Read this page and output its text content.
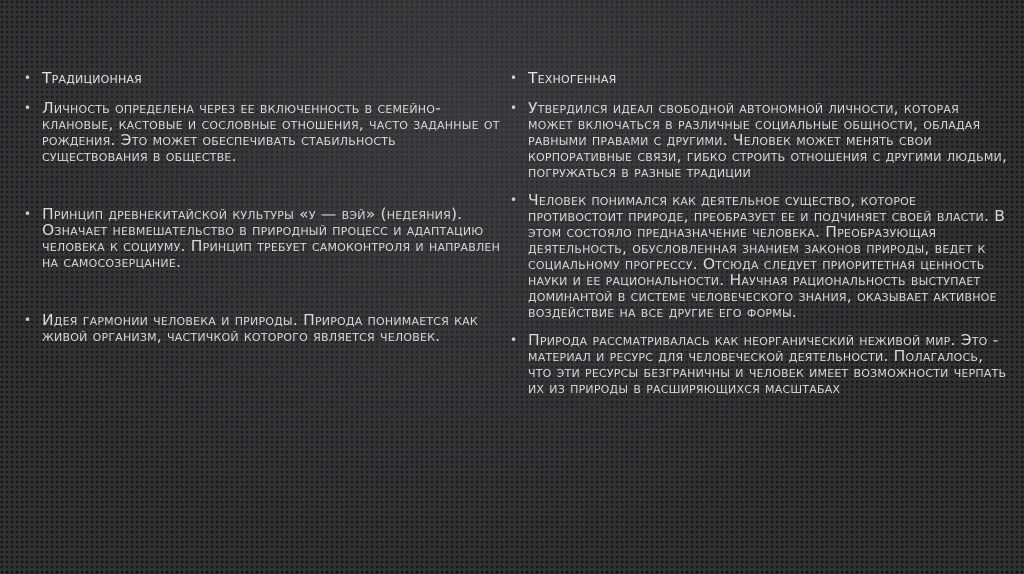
• Традиционная
• Личность определена через ее включенность в семейно-клановые, кастовые и сословные отношения, часто заданные от рождения. Это может обеспечивать стабильность существования в обществе.
• Принцип древнекитайской культуры «у — вэй» (недеяния). Означает невмешательство в природный процесс и адаптацию человека к социуму. Принцип требует самоконтроля и направлен на самосозерцание.
• Идея гармонии человека и природы. Природа понимается как живой организм, частичкой которого является человек.
• Техногенная
• Утвердился идеал свободной автономной личности, которая может включаться в различные социальные общности, обладая равными правами с другими. Человек может менять свои корпоративные связи, гибко строить отношения с другими людьми, погружаться в разные традиции
• Человек понимался как деятельное существо, которое противостоит природе, преобразует ее и подчиняет своей власти. В этом состояло предназначение человека. Преобразующая деятельность, обусловленная знанием законов природы, ведет к социальному прогрессу. Отсюда следует приоритетная ценность науки и ее рациональности. Научная рациональность выступает доминантой в системе человеческого знания, оказывает активное воздействие на все другие его формы.
• Природа рассматривалась как неорганический неживой мир. Это - материал и ресурс для человеческой деятельности. Полагалось, что эти ресурсы безграничны и человек имеет возможности черпать их из природы в расширяющихся масштабах
